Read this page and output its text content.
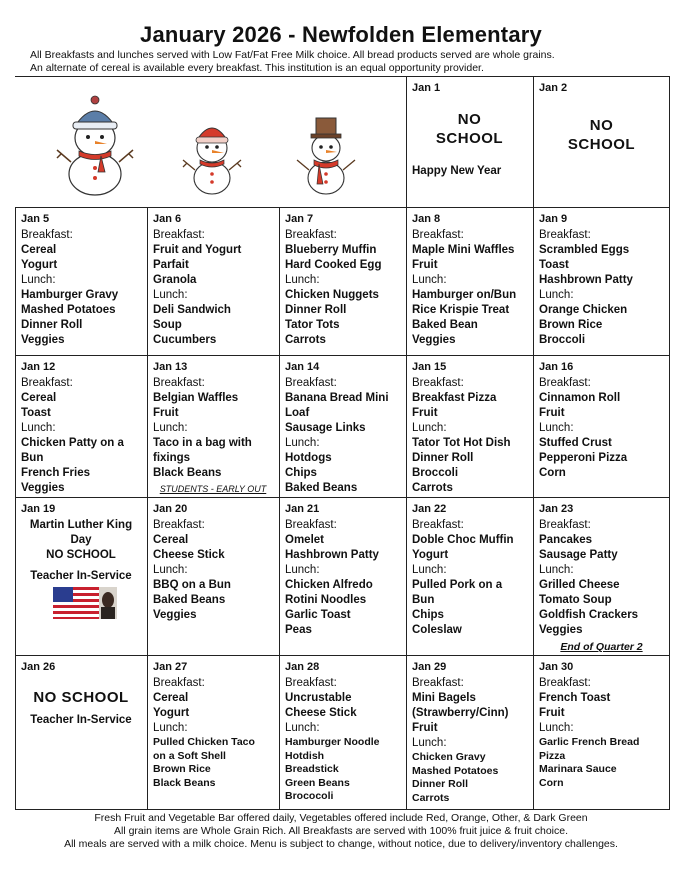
January 2026 - Newfolden Elementary
All Breakfasts and lunches served with Low Fat/Fat Free Milk choice. All bread products served are whole grains.
An alternate of cereal is available every breakfast. This institution is an equal opportunity provider.
Jan 1
NO
SCHOOL
Happy New Year
Jan 2
NO
SCHOOL
Jan 19
Martin Luther King
Day
NO SCHOOL
Teacher In-Service
Jan 26
NO SCHOOL
Teacher In-Service
Jan 5
Breakfast:
Cereal
Yogurt
Lunch:
Hamburger Gravy
Mashed Potatoes
Dinner Roll
Veggies
Jan 6
Breakfast:
Fruit and Yogurt
Parfait
Granola
Lunch:
Deli Sandwich
Soup
Cucumbers
Jan 7
Breakfast:
Blueberry Muffin
Hard Cooked Egg
Lunch:
Chicken Nuggets
Dinner Roll
Tator Tots
Carrots
Jan 8
Breakfast:
Maple Mini Waffles
Fruit
Lunch:
Hamburger on/Bun
Rice Krispie Treat
Baked Bean
Veggies
Jan 9
Breakfast:
Scrambled Eggs
Toast
Hashbrown Patty
Lunch:
Orange Chicken
Brown Rice
Broccoli
Jan 12
Breakfast:
Cereal
Toast
Lunch:
Chicken Patty on a
Bun
French Fries
Veggies
Jan 13
Breakfast:
Belgian Waffles
Fruit
Lunch:
Taco in a bag with
fixings
Black Beans
STUDENTS - EARLY OUT
Jan 14
Breakfast:
Banana Bread Mini
Loaf
Sausage Links
Lunch:
Hotdogs
Chips
Baked Beans
Jan 15
Breakfast:
Breakfast Pizza
Fruit
Lunch:
Tator Tot Hot Dish
Dinner Roll
Broccoli
Carrots
Jan 16
Breakfast:
Cinnamon Roll
Fruit
Lunch:
Stuffed Crust
Pepperoni Pizza
Corn
Jan 20
Breakfast:
Cereal
Cheese Stick
Lunch:
BBQ on a Bun
Baked Beans
Veggies
Jan 21
Breakfast:
Omelet
Hashbrown Patty
Lunch:
Chicken Alfredo
Rotini Noodles
Garlic Toast
Peas
Jan 22
Breakfast:
Doble Choc Muffin
Yogurt
Lunch:
Pulled Pork on a
Bun
Chips
Coleslaw
Jan 23
Breakfast:
Pancakes
Sausage Patty
Lunch:
Grilled Cheese
Tomato Soup
Goldfish Crackers
Veggies
End of Quarter 2
Jan 27
Breakfast:
Cereal
Yogurt
Lunch:
Pulled Chicken Taco
on a Soft Shell
Brown Rice
Black Beans
Jan 28
Breakfast:
Uncrustable
Cheese Stick
Lunch:
Hamburger Noodle
Hotdish
Breadstick
Green Beans
Brococoli
Jan 29
Breakfast:
Mini Bagels
(Strawberry/Cinn)
Fruit
Lunch:
Chicken Gravy
Mashed Potatoes
Dinner Roll
Carrots
Jan 30
Breakfast:
French Toast
Fruit
Lunch:
Garlic French Bread
Pizza
Marinara Sauce
Corn
Fresh Fruit and Vegetable Bar offered daily, Vegetables offered include Red, Orange, Other, & Dark Green
All grain items are Whole Grain Rich. All Breakfasts are served with 100% fruit juice & fruit choice.
All meals are served with a milk choice. Menu is subject to change, without notice, due to delivery/inventory challenges.
